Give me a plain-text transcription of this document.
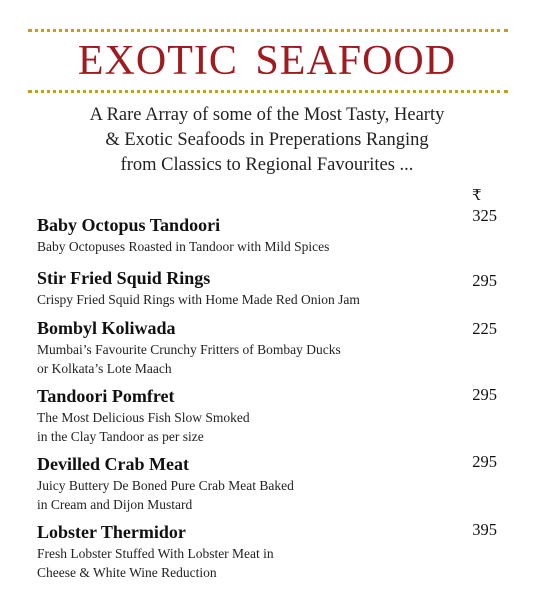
EXOTIC SEAFOOD
A Rare Array of some of the Most Tasty, Hearty
& Exotic Seafoods in Preperations Ranging
from Classics to Regional Favourites ...
₹
Baby Octopus Tandoori
Baby Octopuses Roasted in Tandoor with Mild Spices
325
Stir Fried Squid Rings
Crispy Fried Squid Rings with Home Made Red Onion Jam
295
Bombyl Koliwada
Mumbai’s Favourite Crunchy Fritters of Bombay Ducks
or Kolkata’s Lote Maach
225
Tandoori Pomfret
The Most Delicious Fish Slow Smoked
in the Clay Tandoor as per size
295
Devilled Crab Meat
Juicy Buttery De Boned Pure Crab Meat Baked
in Cream and Dijon Mustard
295
Lobster Thermidor
Fresh Lobster Stuffed With Lobster Meat in
Cheese & White Wine Reduction
395
